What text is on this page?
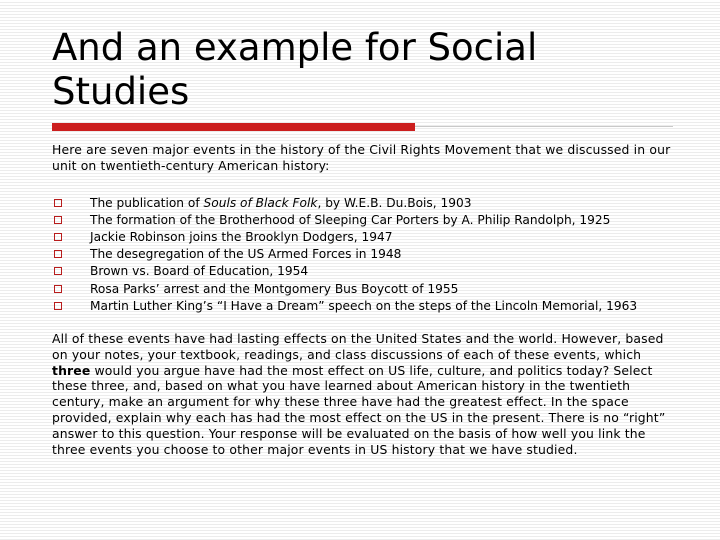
And an example for Social Studies

Here are seven major events in the history of the Civil Rights Movement that we discussed in our unit on twentieth-century American history:

The publication of Souls of Black Folk, by W.E.B. Du.Bois, 1903
The formation of the Brotherhood of Sleeping Car Porters by A. Philip Randolph, 1925
Jackie Robinson joins the Brooklyn Dodgers, 1947
The desegregation of the US Armed Forces in 1948
Brown vs. Board of Education, 1954
Rosa Parks’ arrest and the Montgomery Bus Boycott of 1955
Martin Luther King’s “I Have a Dream” speech on the steps of the Lincoln Memorial, 1963

All of these events have had lasting effects on the United States and the world. However, based on your notes, your textbook, readings, and class discussions of each of these events, which three would you argue have had the most effect on US life, culture, and politics today? Select these three, and, based on what you have learned about American history in the twentieth century, make an argument for why these three have had the greatest effect. In the space provided, explain why each has had the most effect on the US in the present. There is no “right” answer to this question. Your response will be evaluated on the basis of how well you link the three events you choose to other major events in US history that we have studied.
